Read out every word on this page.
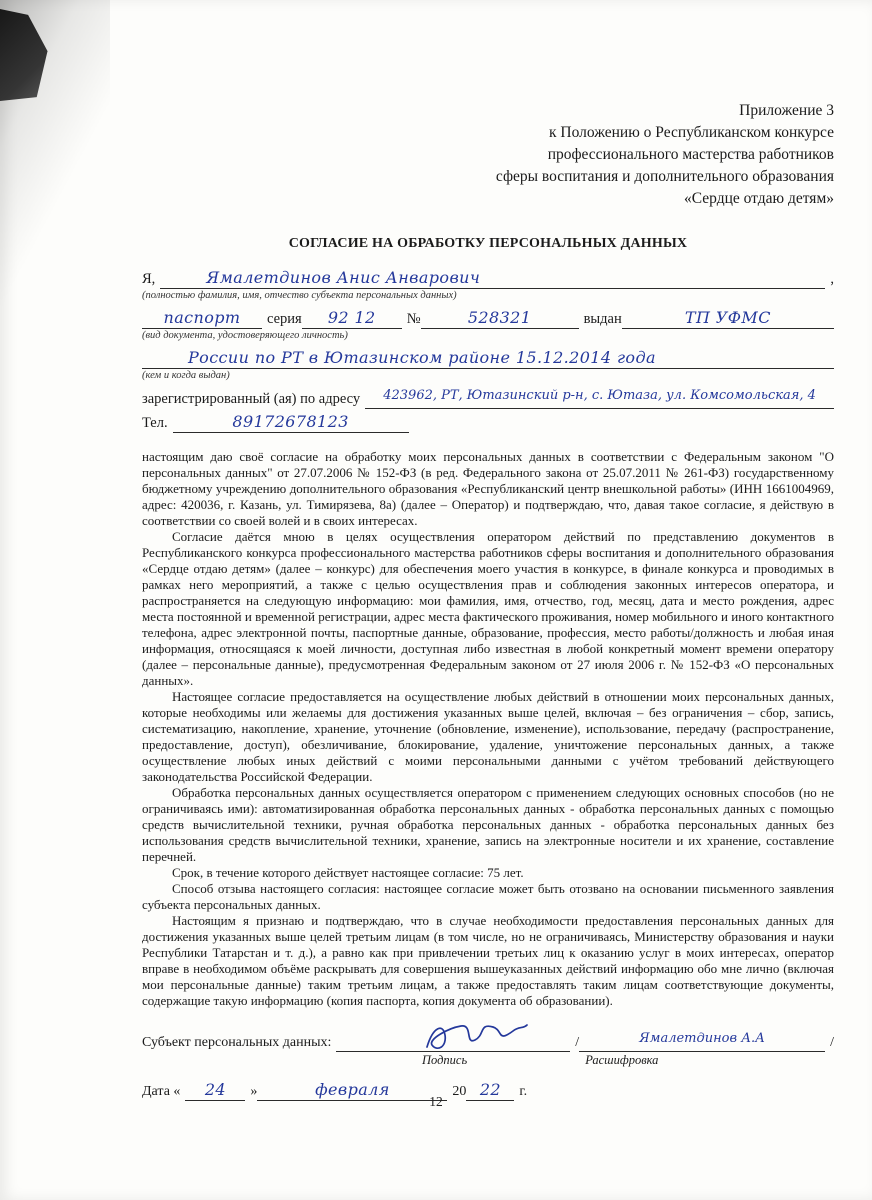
Приложение 3
к Положению о Республиканском конкурсе
профессионального мастерства работников
сферы воспитания и дополнительного образования
«Сердце отдаю детям»
СОГЛАСИЕ НА ОБРАБОТКУ ПЕРСОНАЛЬНЫХ ДАННЫХ
Я,	Ямалетдинов Анис Анварович	,
(полностью фамилия, имя, отчество субъекта персональных данных)
паспорт	серия	92 12	№	528321	выдан	ТП УФМС
(вид документа, удостоверяющего личность)
России по РТ в Ютазинском районе 15.12.2014 года
(кем и когда выдан)
зарегистрированный (ая) по адресу	423962, РТ, Ютазинский р-н, с. Ютаза, ул. Комсомольская, 4
Тел.	89172678123

настоящим даю своё согласие на обработку моих персональных данных в соответствии с Федеральным законом "О персональных данных" от 27.07.2006 № 152-ФЗ (в ред. Федерального закона от 25.07.2011 № 261-ФЗ) государственному бюджетному учреждению дополнительного образования «Республиканский центр внешкольной работы» (ИНН 1661004969, адрес: 420036, г. Казань, ул. Тимирязева, 8а) (далее – Оператор) и подтверждаю, что, давая такое согласие, я действую в соответствии со своей волей и в своих интересах.

Согласие даётся мною в целях осуществления оператором действий по представлению документов в Республиканского конкурса профессионального мастерства работников сферы воспитания и дополнительного образования «Сердце отдаю детям» (далее – конкурс) для обеспечения моего участия в конкурсе, в финале конкурса и проводимых в рамках него мероприятий, а также с целью осуществления прав и соблюдения законных интересов оператора, и распространяется на следующую информацию: мои фамилия, имя, отчество, год, месяц, дата и место рождения, адрес места постоянной и временной регистрации, адрес места фактического проживания, номер мобильного и иного контактного телефона, адрес электронной почты, паспортные данные, образование, профессия, место работы/должность и любая иная информация, относящаяся к моей личности, доступная либо известная в любой конкретный момент времени оператору (далее – персональные данные), предусмотренная Федеральным законом от 27 июля 2006 г. № 152-ФЗ «О персональных данных».

Настоящее согласие предоставляется на осуществление любых действий в отношении моих персональных данных, которые необходимы или желаемы для достижения указанных выше целей, включая – без ограничения – сбор, запись, систематизацию, накопление, хранение, уточнение (обновление, изменение), использование, передачу (распространение, предоставление, доступ), обезличивание, блокирование, удаление, уничтожение персональных данных, а также осуществление любых иных действий с моими персональными данными с учётом требований действующего законодательства Российской Федерации.

Обработка персональных данных осуществляется оператором с применением следующих основных способов (но не ограничиваясь ими): автоматизированная обработка персональных данных - обработка персональных данных с помощью средств вычислительной техники, ручная обработка персональных данных - обработка персональных данных без использования средств вычислительной техники, хранение, запись на электронные носители и их хранение, составление перечней.

Срок, в течение которого действует настоящее согласие: 75 лет.

Способ отзыва настоящего согласия: настоящее согласие может быть отозвано на основании письменного заявления субъекта персональных данных.

Настоящим я признаю и подтверждаю, что в случае необходимости предоставления персональных данных для достижения указанных выше целей третьим лицам (в том числе, но не ограничиваясь, Министерству образования и науки Республики Татарстан и т. д.), а равно как при привлечении третьих лиц к оказанию услуг в моих интересах, оператор вправе в необходимом объёме раскрывать для совершения вышеуказанных действий информацию обо мне лично (включая мои персональные данные) таким третьим лицам, а также предоставлять таким лицам соответствующие документы, содержащие такую информацию (копия паспорта, копия документа об образовании).

Субъект персональных данных:	/	Ямалетдинов А.А	/
Подпись	Расшифровка
Дата «	24	»	февраля	20 22	г.
12
